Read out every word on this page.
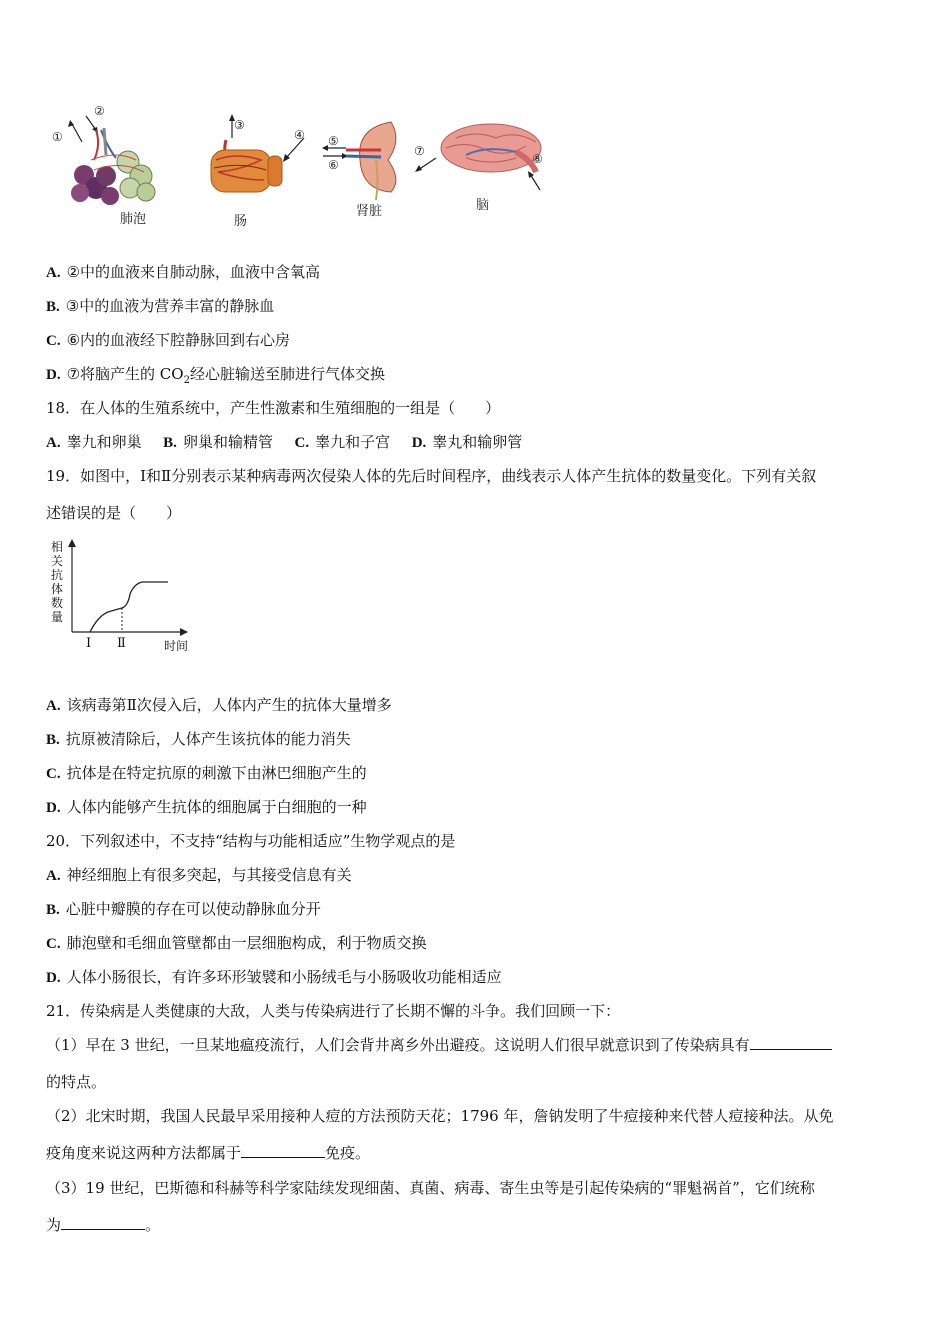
①
②
③
④ ⑤
⑥
⑦
⑧
肺泡	肠
肾脏	脑
A. ②中的血液来自肺动脉，血液中含氧高
B. ③中的血液为营养丰富的静脉血
C. ⑥内的血液经下腔静脉回到右心房
D. ⑦将脑产生的 $CO_2$经心脏输送至肺进行气体交换
18．在人体的生殖系统中，产生性激素和生殖细胞的一组是（　　）
A. 睾九和卵巢 B. 卵巢和输精管 C. 睾九和子宫 D. 睾丸和输卵管
19．如图中，Ⅰ和Ⅱ分别表示某种病毒两次侵染人体的先后时间程序，曲线表示人体产生抗体的数量变化。下列有关叙
述错误的是（　　）
相
关
抗
体
数
量
Ⅰ Ⅱ	时间
A. 该病毒第Ⅱ次侵入后，人体内产生的抗体大量增多
B. 抗原被清除后，人体产生该抗体的能力消失
C. 抗体是在特定抗原的刺激下由淋巴细胞产生的
D. 人体内能够产生抗体的细胞属于白细胞的一种
20．下列叙述中，不支持“结构与功能相适应”生物学观点的是
A. 神经细胞上有很多突起，与其接受信息有关
B. 心脏中瓣膜的存在可以使动静脉血分开
C. 肺泡壁和毛细血管壁都由一层细胞构成，利于物质交换
D. 人体小肠很长，有许多环形皱襞和小肠绒毛与小肠吸收功能相适应
21．传染病是人类健康的大敌，人类与传染病进行了长期不懈的斗争。我们回顾一下：
（1）早在 3 世纪，一旦某地瘟疫流行，人们会背井离乡外出避疫。这说明人们很早就意识到了传染病具有
的特点。
（2）北宋时期，我国人民最早采用接种人痘的方法预防天花；1796 年，詹钠发明了牛痘接种来代替人痘接种法。从免
疫角度来说这两种方法都属于	免疫。
（3）19 世纪，巴斯德和科赫等科学家陆续发现细菌、真菌、病毒、寄生虫等是引起传染病的“罪魁祸首”，它们统称
为	。
